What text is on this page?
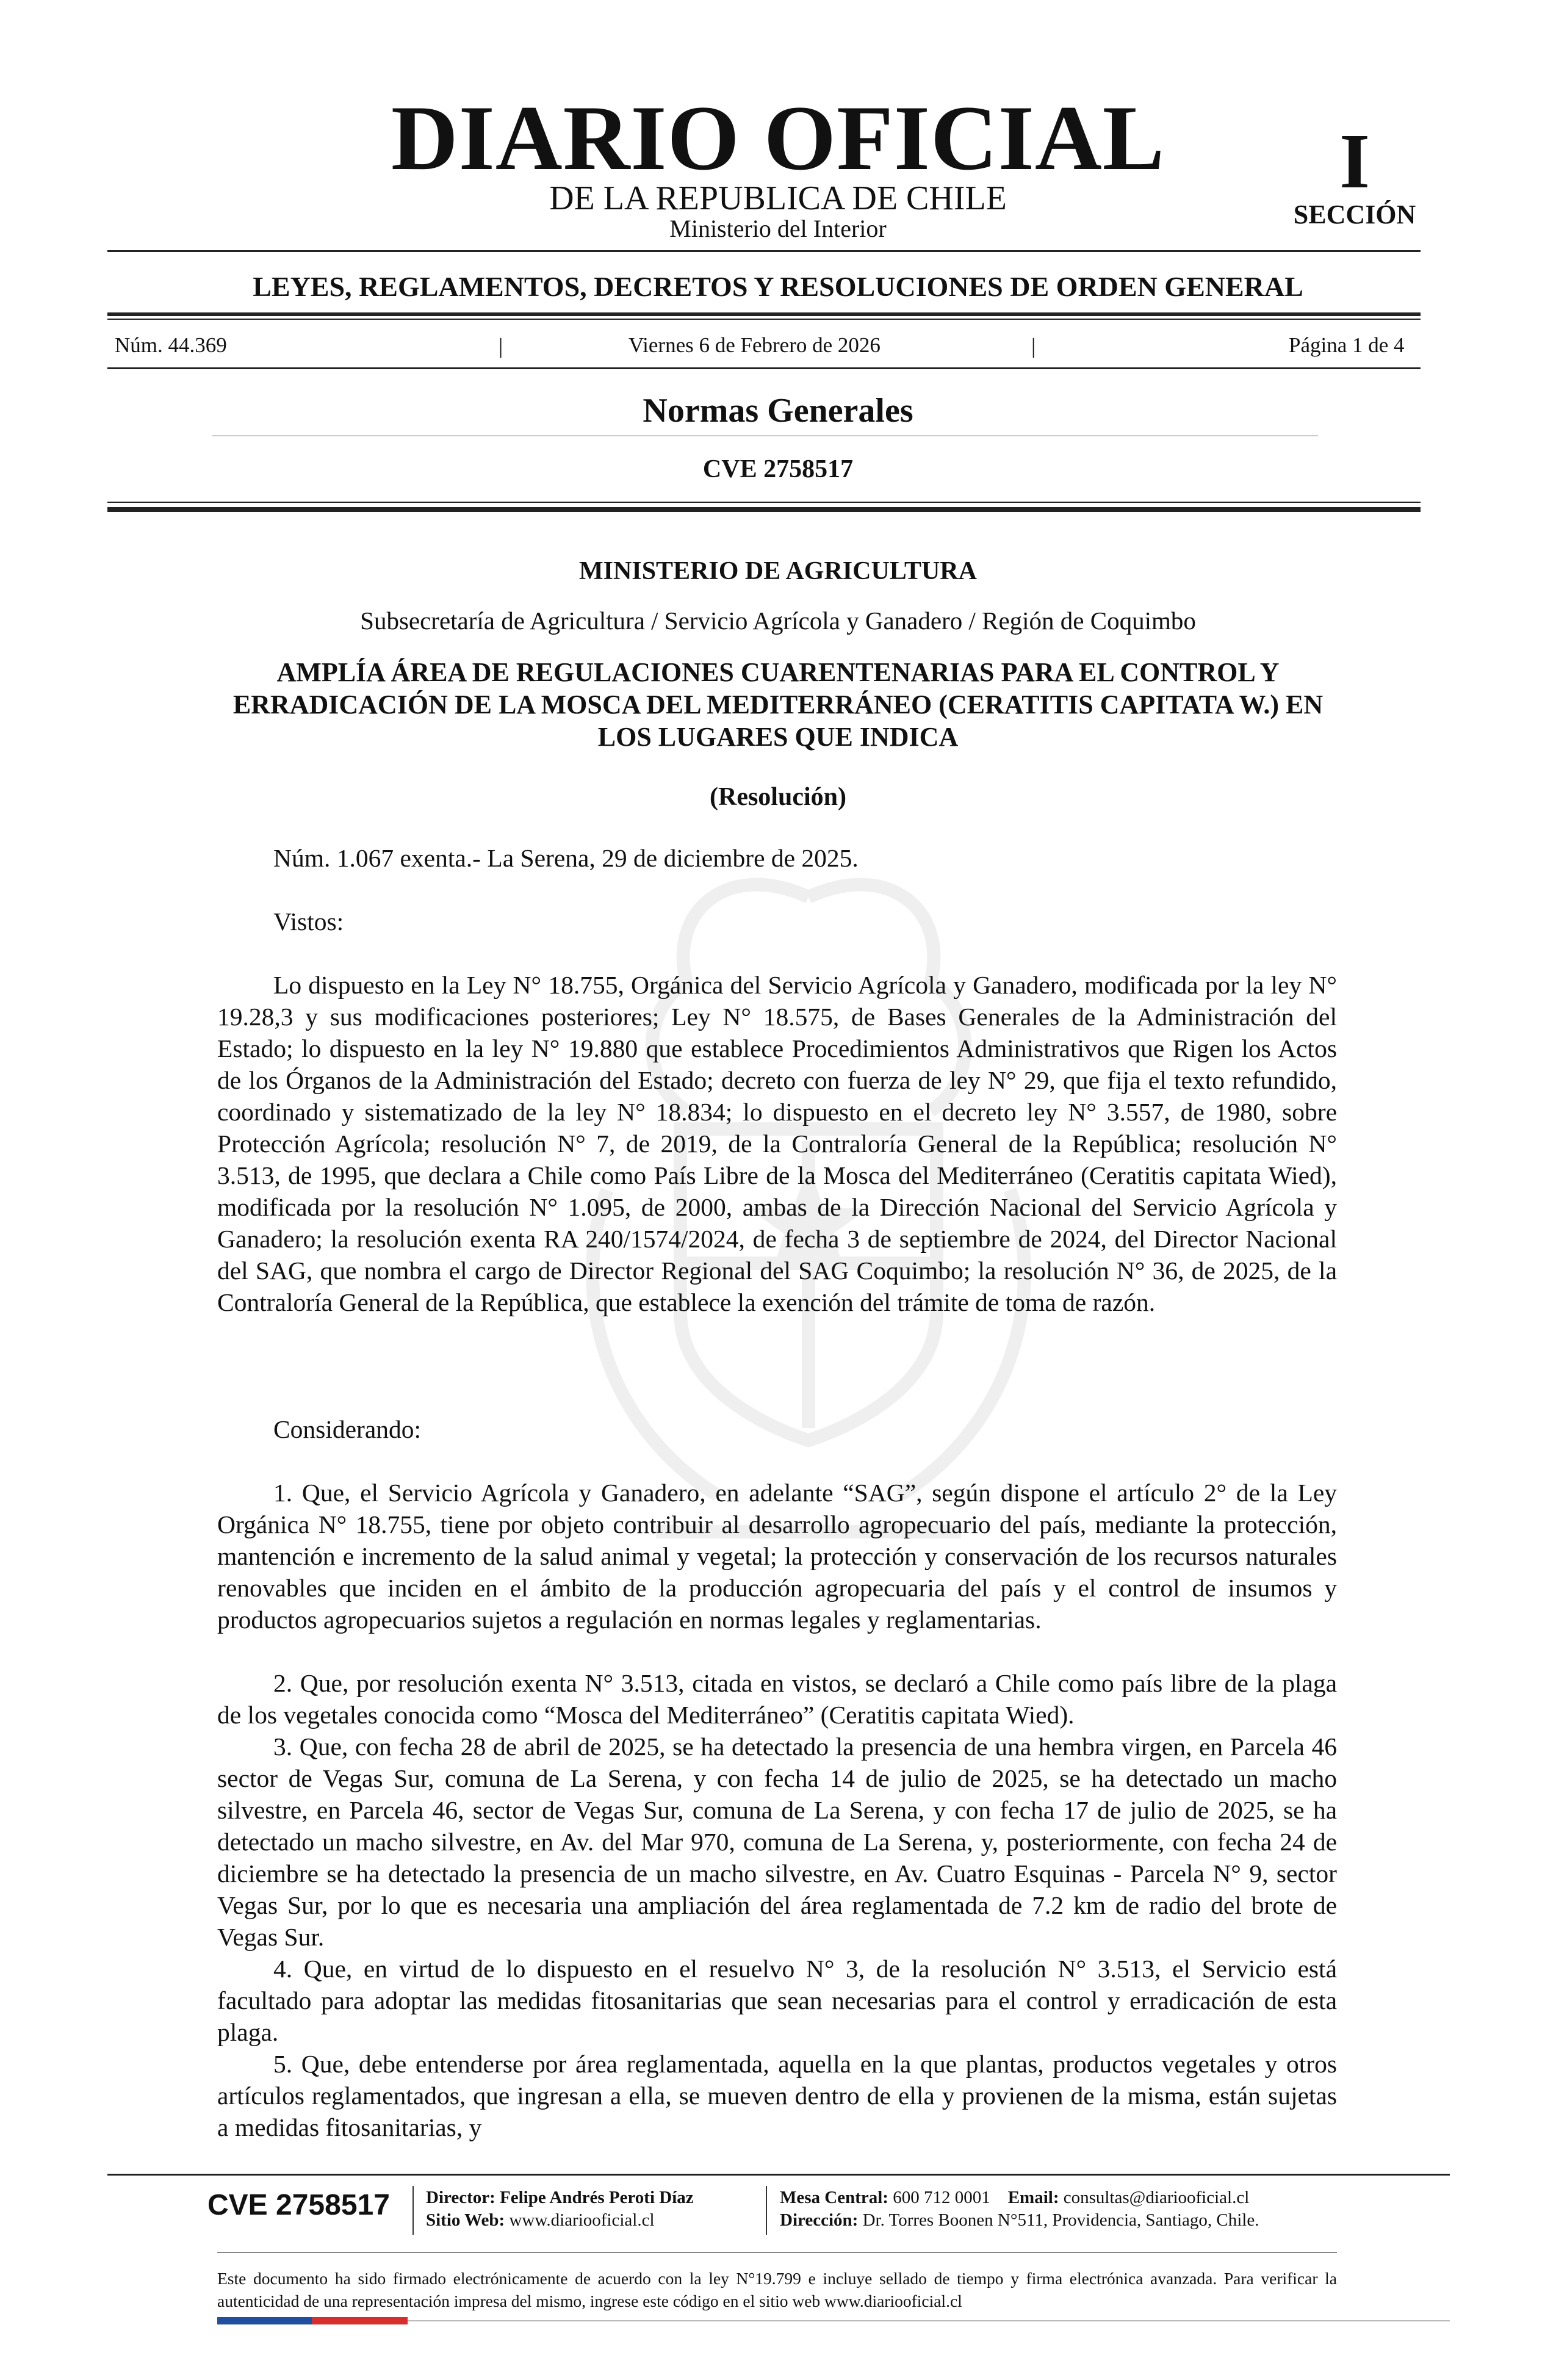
DIARIO OFICIAL
DE LA REPUBLICA DE CHILE
Ministerio del Interior
I
SECCIÓN
LEYES, REGLAMENTOS, DECRETOS Y RESOLUCIONES DE ORDEN GENERAL
Núm. 44.369	|	Viernes 6 de Febrero de 2026	|	Página 1 de 4
Normas Generales
CVE 2758517
MINISTERIO DE AGRICULTURA
Subsecretaría de Agricultura / Servicio Agrícola y Ganadero / Región de Coquimbo
AMPLÍA ÁREA DE REGULACIONES CUARENTENARIAS PARA EL CONTROL Y ERRADICACIÓN DE LA MOSCA DEL MEDITERRÁNEO (CERATITIS CAPITATA W.) EN LOS LUGARES QUE INDICA
(Resolución)
Núm. 1.067 exenta.- La Serena, 29 de diciembre de 2025.
Vistos:
Lo dispuesto en la Ley N° 18.755, Orgánica del Servicio Agrícola y Ganadero, modificada por la ley N° 19.28,3 y sus modificaciones posteriores; Ley N° 18.575, de Bases Generales de la Administración del Estado; lo dispuesto en la ley N° 19.880 que establece Procedimientos Administrativos que Rigen los Actos de los Órganos de la Administración del Estado; decreto con fuerza de ley N° 29, que fija el texto refundido, coordinado y sistematizado de la ley N° 18.834; lo dispuesto en el decreto ley N° 3.557, de 1980, sobre Protección Agrícola; resolución N° 7, de 2019, de la Contraloría General de la República; resolución N° 3.513, de 1995, que declara a Chile como País Libre de la Mosca del Mediterráneo (Ceratitis capitata Wied), modificada por la resolución N° 1.095, de 2000, ambas de la Dirección Nacional del Servicio Agrícola y Ganadero; la resolución exenta RA 240/1574/2024, de fecha 3 de septiembre de 2024, del Director Nacional del SAG, que nombra el cargo de Director Regional del SAG Coquimbo; la resolución N° 36, de 2025, de la Contraloría General de la República, que establece la exención del trámite de toma de razón.
Considerando:
1. Que, el Servicio Agrícola y Ganadero, en adelante “SAG”, según dispone el artículo 2° de la Ley Orgánica N° 18.755, tiene por objeto contribuir al desarrollo agropecuario del país, mediante la protección, mantención e incremento de la salud animal y vegetal; la protección y conservación de los recursos naturales renovables que inciden en el ámbito de la producción agropecuaria del país y el control de insumos y productos agropecuarios sujetos a regulación en normas legales y reglamentarias.
2. Que, por resolución exenta N° 3.513, citada en vistos, se declaró a Chile como país libre de la plaga de los vegetales conocida como “Mosca del Mediterráneo” (Ceratitis capitata Wied).
3. Que, con fecha 28 de abril de 2025, se ha detectado la presencia de una hembra virgen, en Parcela 46 sector de Vegas Sur, comuna de La Serena, y con fecha 14 de julio de 2025, se ha detectado un macho silvestre, en Parcela 46, sector de Vegas Sur, comuna de La Serena, y con fecha 17 de julio de 2025, se ha detectado un macho silvestre, en Av. del Mar 970, comuna de La Serena, y, posteriormente, con fecha 24 de diciembre se ha detectado la presencia de un macho silvestre, en Av. Cuatro Esquinas - Parcela N° 9, sector Vegas Sur, por lo que es necesaria una ampliación del área reglamentada de 7.2 km de radio del brote de Vegas Sur.
4. Que, en virtud de lo dispuesto en el resuelvo N° 3, de la resolución N° 3.513, el Servicio está facultado para adoptar las medidas fitosanitarias que sean necesarias para el control y erradicación de esta plaga.
5. Que, debe entenderse por área reglamentada, aquella en la que plantas, productos vegetales y otros artículos reglamentados, que ingresan a ella, se mueven dentro de ella y provienen de la misma, están sujetas a medidas fitosanitarias, y
CVE 2758517 Director: Felipe Andrés Peroti Díaz
Sitio Web: www.diariooficial.cl
Mesa Central: 600 712 0001 Email: consultas@diariooficial.cl
Dirección: Dr. Torres Boonen N°511, Providencia, Santiago, Chile.
Este documento ha sido firmado electrónicamente de acuerdo con la ley N°19.799 e incluye sellado de tiempo y firma electrónica avanzada. Para verificar la autenticidad de una representación impresa del mismo, ingrese este código en el sitio web www.diariooficial.cl
